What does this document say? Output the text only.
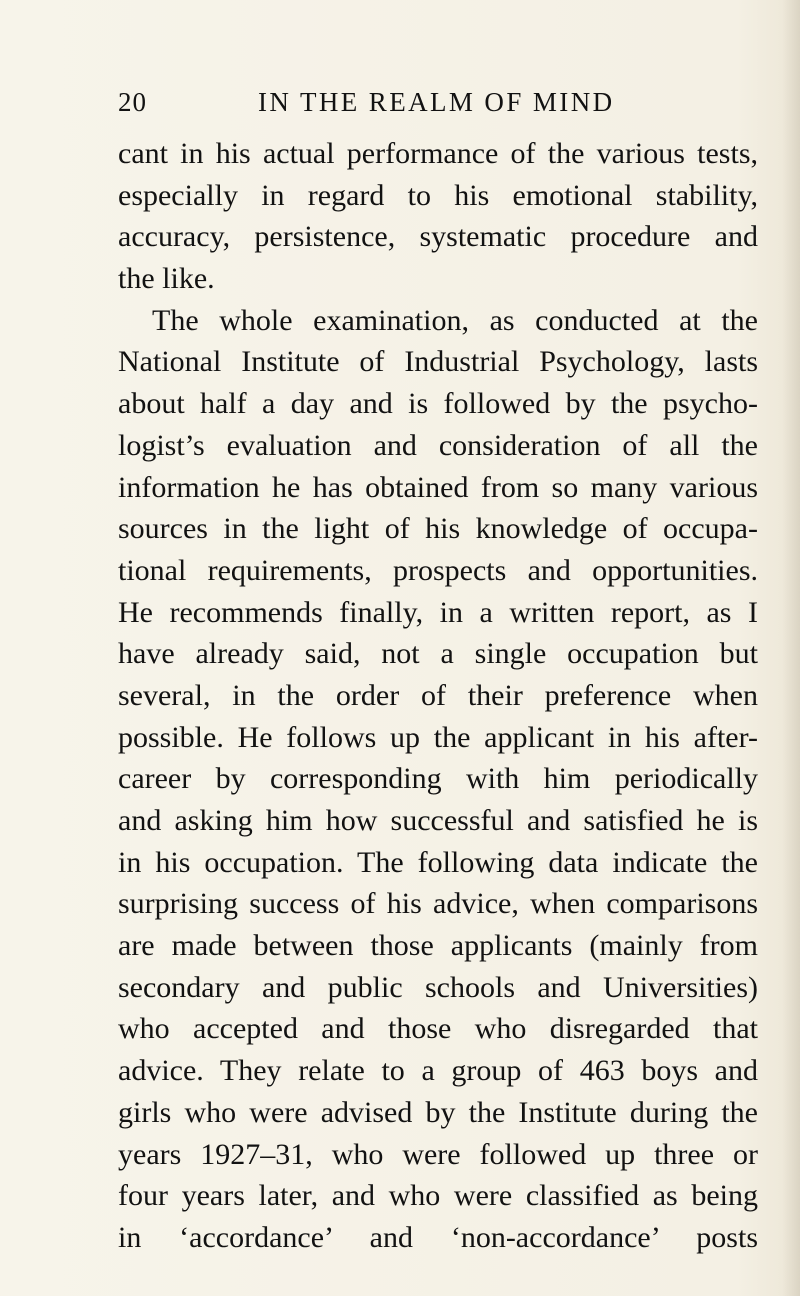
20	IN THE REALM OF MIND
cant in his actual performance of the various tests,
especially in regard to his emotional stability,
accuracy, persistence, systematic procedure and
the like.
The whole examination, as conducted at the
National Institute of Industrial Psychology, lasts
about half a day and is followed by the psycho-
logist’s evaluation and consideration of all the
information he has obtained from so many various
sources in the light of his knowledge of occupa-
tional requirements, prospects and opportunities.
He recommends finally, in a written report, as I
have already said, not a single occupation but
several, in the order of their preference when
possible. He follows up the applicant in his after-
career by corresponding with him periodically
and asking him how successful and satisfied he is
in his occupation. The following data indicate the
surprising success of his advice, when comparisons
are made between those applicants (mainly from
secondary and public schools and Universities)
who accepted and those who disregarded that
advice. They relate to a group of 463 boys and
girls who were advised by the Institute during the
years 1927–31, who were followed up three or
four years later, and who were classified as being
in ‘accordance’ and ‘non-accordance’ posts
